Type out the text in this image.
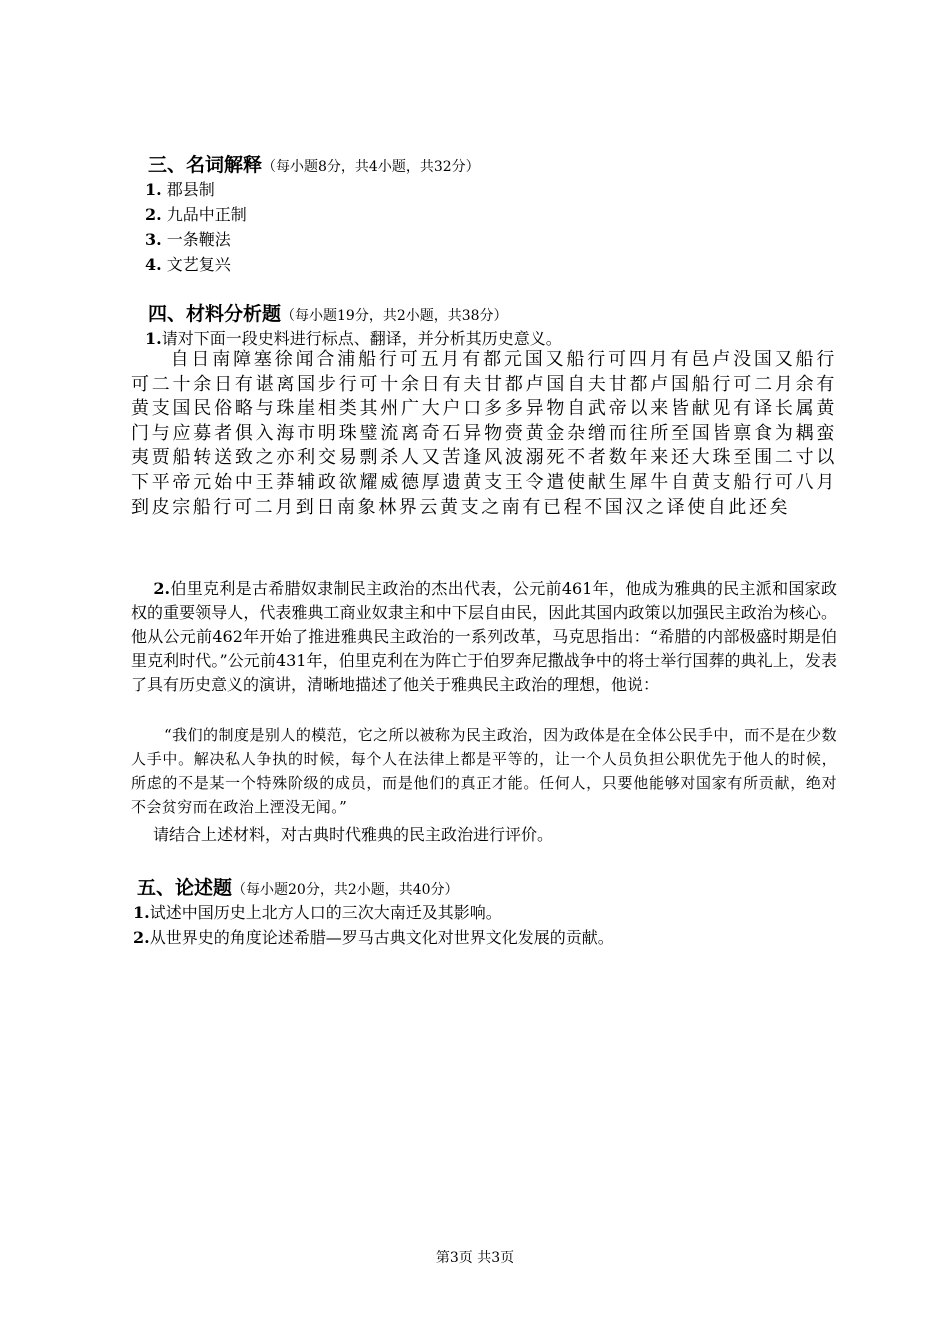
三、名词解释（每小题8分，共4小题，共32分）
1. 郡县制
2. 九品中正制
3. 一条鞭法
4. 文艺复兴
四、材料分析题（每小题19分，共2小题，共38分）
1.请对下面一段史料进行标点、翻译，并分析其历史意义。
自日南障塞徐闻合浦船行可五月有都元国又船行可四月有邑卢没国又船行可二十余日有谌离国步行可十余日有夫甘都卢国自夫甘都卢国船行可二月余有黄支国民俗略与珠崖相类其州广大户口多多异物自武帝以来皆献见有译长属黄门与应募者俱入海市明珠璧流离奇石异物赍黄金杂缯而往所至国皆禀食为耦蛮夷贾船转送致之亦利交易剽杀人又苦逢风波溺死不者数年来还大珠至围二寸以下平帝元始中王莽辅政欲耀威德厚遗黄支王令遣使献生犀牛自黄支船行可八月到皮宗船行可二月到日南象林界云黄支之南有已程不国汉之译使自此还矣
2.伯里克利是古希腊奴隶制民主政治的杰出代表，公元前461年，他成为雅典的民主派和国家政权的重要领导人，代表雅典工商业奴隶主和中下层自由民，因此其国内政策以加强民主政治为核心。他从公元前462年开始了推进雅典民主政治的一系列改革，马克思指出：“希腊的内部极盛时期是伯里克利时代。”公元前431年，伯里克利在为阵亡于伯罗奔尼撒战争中的将士举行国葬的典礼上，发表了具有历史意义的演讲，清晰地描述了他关于雅典民主政治的理想，他说：
“我们的制度是别人的模范，它之所以被称为民主政治，因为政体是在全体公民手中，而不是在少数人手中。解决私人争执的时候，每个人在法律上都是平等的，让一个人员负担公职优先于他人的时候，所虑的不是某一个特殊阶级的成员，而是他们的真正才能。任何人，只要他能够对国家有所贡献，绝对不会贫穷而在政治上湮没无闻。”
请结合上述材料，对古典时代雅典的民主政治进行评价。
五、论述题（每小题20分，共2小题，共40分）
1.试述中国历史上北方人口的三次大南迁及其影响。
2.从世界史的角度论述希腊—罗马古典文化对世界文化发展的贡献。
第3页 共3页
